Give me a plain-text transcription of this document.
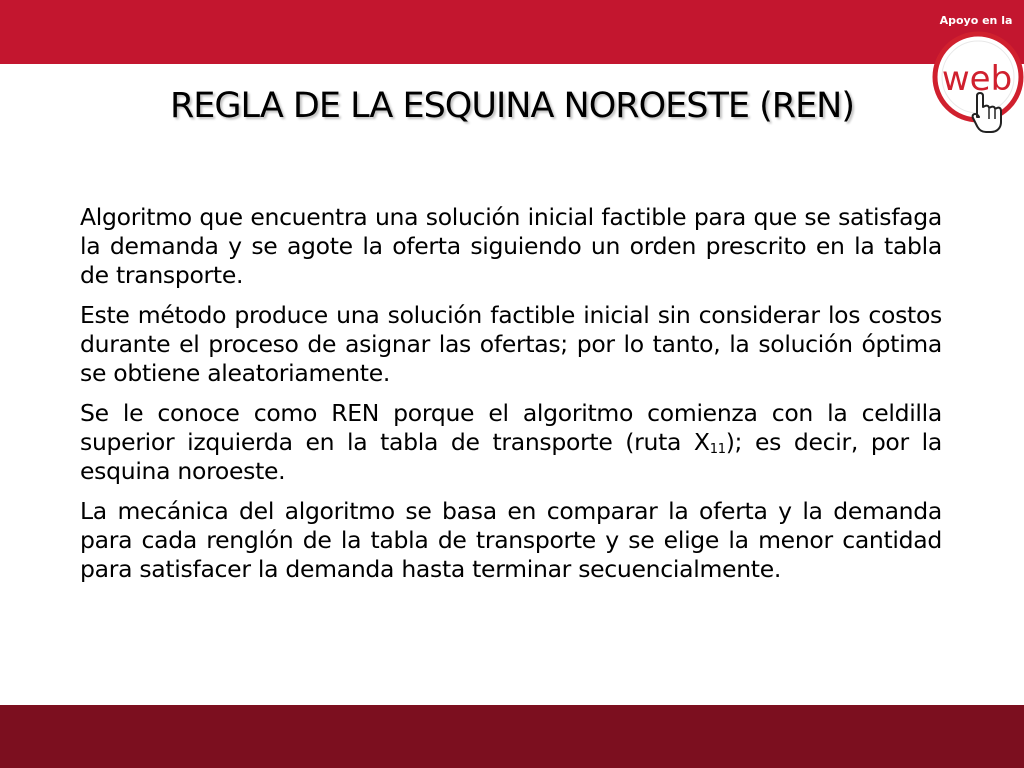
Apoyo en la
web
REGLA DE LA ESQUINA NOROESTE (REN)

Algoritmo que encuentra una solución inicial factible para que se satisfaga la demanda y se agote la oferta siguiendo un orden prescrito en la tabla de transporte.

Este método produce una solución factible inicial sin considerar los costos durante el proceso de asignar las ofertas; por lo tanto, la solución óptima se obtiene aleatoriamente.

Se le conoce como REN porque el algoritmo comienza con la celdilla superior izquierda en la tabla de transporte (ruta $X_{11}$); es decir, por la esquina noroeste.

La mecánica del algoritmo se basa en comparar la oferta y la demanda para cada renglón de la tabla de transporte y se elige la menor cantidad para satisfacer la demanda hasta terminar secuencialmente.
